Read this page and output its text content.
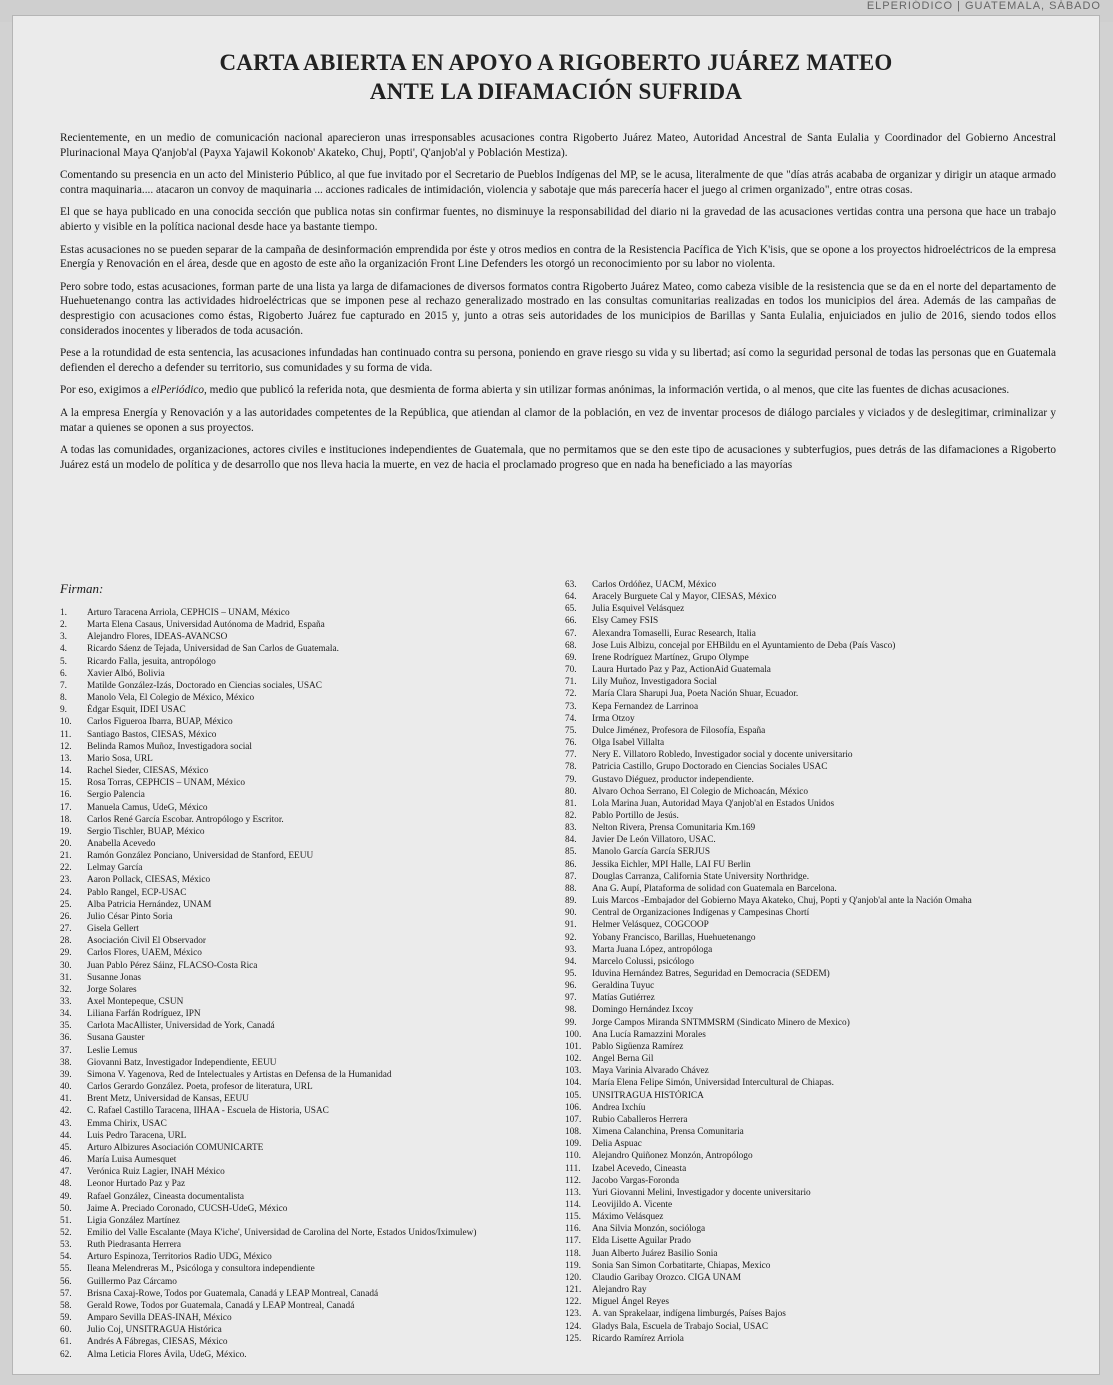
ELPERIÓDICO | GUATEMALA, SÁBADO
CARTA ABIERTA EN APOYO A RIGOBERTO JUÁREZ MATEO
ANTE LA DIFAMACIÓN SUFRIDA

Recientemente, en un medio de comunicación nacional aparecieron unas irresponsables acusaciones contra Rigoberto Juárez Mateo, Autoridad Ancestral de Santa Eulalia y Coordinador del Gobierno Ancestral Plurinacional Maya Q'anjob'al (Payxa Yajawil Kokonob' Akateko, Chuj, Popti', Q'anjob'al y Población Mestiza).

Comentando su presencia en un acto del Ministerio Público, al que fue invitado por el Secretario de Pueblos Indígenas del MP, se le acusa, literalmente de que "días atrás acababa de organizar y dirigir un ataque armado contra maquinaria.... atacaron un convoy de maquinaria ... acciones radicales de intimidación, violencia y sabotaje que más parecería hacer el juego al crimen organizado", entre otras cosas.

El que se haya publicado en una conocida sección que publica notas sin confirmar fuentes, no disminuye la responsabilidad del diario ni la gravedad de las acusaciones vertidas contra una persona que hace un trabajo abierto y visible en la política nacional desde hace ya bastante tiempo.

Estas acusaciones no se pueden separar de la campaña de desinformación emprendida por éste y otros medios en contra de la Resistencia Pacífica de Yich K'isis, que se opone a los proyectos hidroeléctricos de la empresa Energía y Renovación en el área, desde que en agosto de este año la organización Front Line Defenders les otorgó un reconocimiento por su labor no violenta.

Pero sobre todo, estas acusaciones, forman parte de una lista ya larga de difamaciones de diversos formatos contra Rigoberto Juárez Mateo, como cabeza visible de la resistencia que se da en el norte del departamento de Huehuetenango contra las actividades hidroeléctricas que se imponen pese al rechazo generalizado mostrado en las consultas comunitarias realizadas en todos los municipios del área. Además de las campañas de desprestigio con acusaciones como éstas, Rigoberto Juárez fue capturado en 2015 y, junto a otras seis autoridades de los municipios de Barillas y Santa Eulalia, enjuiciados en julio de 2016, siendo todos ellos considerados inocentes y liberados de toda acusación.

Pese a la rotundidad de esta sentencia, las acusaciones infundadas han continuado contra su persona, poniendo en grave riesgo su vida y su libertad; así como la seguridad personal de todas las personas que en Guatemala defienden el derecho a defender su territorio, sus comunidades y su forma de vida.

Por eso, exigimos a elPeriódico, medio que publicó la referida nota, que desmienta de forma abierta y sin utilizar formas anónimas, la información vertida, o al menos, que cite las fuentes de dichas acusaciones.

A la empresa Energía y Renovación y a las autoridades competentes de la República, que atiendan al clamor de la población, en vez de inventar procesos de diálogo parciales y viciados y de deslegitimar, criminalizar y matar a quienes se oponen a sus proyectos.

A todas las comunidades, organizaciones, actores civiles e instituciones independientes de Guatemala, que no permitamos que se den este tipo de acusaciones y subterfugios, pues detrás de las difamaciones a Rigoberto Juárez está un modelo de política y de desarrollo que nos lleva hacia la muerte, en vez de hacia el proclamado progreso que en nada ha beneficiado a las mayorías

Firman:
1.	Arturo Taracena Arriola, CEPHCIS – UNAM, México
2.	Marta Elena Casaus, Universidad Autónoma de Madrid, España
3.	Alejandro Flores, IDEAS-AVANCSO
4.	Ricardo Sáenz de Tejada, Universidad de San Carlos de Guatemala.
5.	Ricardo Falla, jesuita, antropólogo
6.	Xavier Albó, Bolivia
7.	Matilde González-Izás, Doctorado en Ciencias sociales, USAC
8.	Manolo Vela, El Colegio de México, México
9.	Édgar Esquit, IDEI USAC
10.	Carlos Figueroa Ibarra, BUAP, México
11.	Santiago Bastos, CIESAS, México
12.	Belinda Ramos Muñoz, Investigadora social
13.	Mario Sosa, URL
14.	Rachel Sieder, CIESAS, México
15.	Rosa Torras, CEPHCIS – UNAM, México
16.	Sergio Palencia
17.	Manuela Camus, UdeG, México
18.	Carlos René García Escobar. Antropólogo y Escritor.
19.	Sergio Tischler, BUAP, México
20.	Anabella Acevedo
21.	Ramón González Ponciano, Universidad de Stanford, EEUU
22.	Lelmay García
23.	Aaron Pollack, CIESAS, México
24.	Pablo Rangel, ECP-USAC
25.	Alba Patricia Hernández, UNAM
26.	Julio César Pinto Soria
27.	Gisela Gellert
28.	Asociación Civil El Observador
29.	Carlos Flores, UAEM, México
30.	Juan Pablo Pérez Sáinz, FLACSO-Costa Rica
31.	Susanne Jonas
32.	Jorge Solares
33.	Axel Montepeque, CSUN
34.	Liliana Farfán Rodríguez, IPN
35.	Carlota MacAllister, Universidad de York, Canadá
36.	Susana Gauster
37.	Leslie Lemus
38.	Giovanni Batz, Investigador Independiente, EEUU
39.	Simona V. Yagenova, Red de Intelectuales y Artistas en Defensa de la Humanidad
40.	Carlos Gerardo González. Poeta, profesor de literatura, URL
41.	Brent Metz, Universidad de Kansas, EEUU
42.	C. Rafael Castillo Taracena, IIHAA - Escuela de Historia, USAC
43.	Emma Chirix, USAC
44.	Luis Pedro Taracena, URL
45.	Arturo Albizures Asociación COMUNICARTE
46.	María Luisa Aumesquet
47.	Verónica Ruiz Lagier, INAH México
48.	Leonor Hurtado Paz y Paz
49.	Rafael González, Cineasta documentalista
50.	Jaime A. Preciado Coronado, CUCSH-UdeG, México
51.	Ligia González Martínez
52.	Emilio del Valle Escalante (Maya K'iche', Universidad de Carolina del Norte, Estados Unidos/Iximulew)
53.	Ruth Piedrasanta Herrera
54.	Arturo Espinoza, Territorios Radio UDG, México
55.	Ileana Melendreras M., Psicóloga y consultora independiente
56.	Guillermo Paz Cárcamo
57.	Brisna Caxaj-Rowe, Todos por Guatemala, Canadá y LEAP Montreal, Canadá
58.	Gerald Rowe, Todos por Guatemala, Canadá y LEAP Montreal, Canadá
59.	Amparo Sevilla DEAS-INAH, México
60.	Julio Coj, UNSITRAGUA Histórica
61.	Andrés A Fábregas, CIESAS, México
62.	Alma Leticia Flores Ávila, UdeG, México.
63.	Carlos Ordóñez, UACM, México
64.	Aracely Burguete Cal y Mayor, CIESAS, México
65.	Julia Esquivel Velásquez
66.	Elsy Camey FSIS
67.	Alexandra Tomaselli, Eurac Research, Italia
68.	Jose Luis Albizu, concejal por EHBildu en el Ayuntamiento de Deba (País Vasco)
69.	Irene Rodríguez Martínez, Grupo Olympe
70.	Laura Hurtado Paz y Paz, ActionAid Guatemala
71.	Lily Muñoz, Investigadora Social
72.	María Clara Sharupi Jua, Poeta Nación Shuar, Ecuador.
73.	Kepa Fernandez de Larrinoa
74.	Irma Otzoy
75.	Dulce Jiménez, Profesora de Filosofía, España
76.	Olga Isabel Villalta
77.	Nery E. Villatoro Robledo, Investigador social y docente universitario
78.	Patricia Castillo, Grupo Doctorado en Ciencias Sociales USAC
79.	Gustavo Diéguez, productor independiente.
80.	Alvaro Ochoa Serrano, El Colegio de Michoacán, México
81.	Lola Marina Juan, Autoridad Maya Q'anjob'al en Estados Unidos
82.	Pablo Portillo de Jesús.
83.	Nelton Rivera, Prensa Comunitaria Km.169
84.	Javier De León Villatoro, USAC.
85.	Manolo García García SERJUS
86.	Jessika Eichler, MPI Halle, LAI FU Berlin
87.	Douglas Carranza, California State University Northridge.
88.	Ana G. Aupí, Plataforma de solidad con Guatemala en Barcelona.
89.	Luis Marcos -Embajador del Gobierno Maya Akateko, Chuj, Popti y Q'anjob'al ante la Nación Omaha
90.	Central de Organizaciones Indígenas y Campesinas Chortí
91.	Helmer Velásquez, COGCOOP
92.	Yobany Francisco, Barillas, Huehuetenango
93.	Marta Juana López, antropóloga
94.	Marcelo Colussi, psicólogo
95.	Iduvina Hernández Batres, Seguridad en Democracia (SEDEM)
96.	Geraldina Tuyuc
97.	Matías Gutiérrez
98.	Domingo Hernández Ixcoy
99.	Jorge Campos Miranda SNTMMSRM (Sindicato Minero de Mexico)
100.	Ana Lucía Ramazzini Morales
101.	Pablo Sigüenza Ramírez
102.	Angel Berna Gil
103.	Maya Varinia Alvarado Chávez
104.	María Elena Felipe Simón, Universidad Intercultural de Chiapas.
105.	UNSITRAGUA HISTÓRICA
106.	Andrea Ixchíu
107.	Rubio Caballeros Herrera
108.	Ximena Calanchina, Prensa Comunitaria
109.	Delia Aspuac
110.	Alejandro Quiñonez Monzón, Antropólogo
111.	Izabel Acevedo, Cineasta
112.	Jacobo Vargas-Foronda
113.	Yuri Giovanni Melini, Investigador y docente universitario
114.	Leovijildo A. Vicente
115.	Máximo Velásquez
116.	Ana Silvia Monzón, socióloga
117.	Elda Lisette Aguilar Prado
118.	Juan Alberto Juárez Basilio Sonia
119.	Sonia San Simon Corbatitarte, Chiapas, Mexico
120.	Claudio Garibay Orozco. CIGA UNAM
121.	Alejandro Ray
122.	Miguel Ángel Reyes
123.	A. van Sprakelaar, indígena limburgés, Países Bajos
124.	Gladys Bala, Escuela de Trabajo Social, USAC
125.	Ricardo Ramírez Arriola
